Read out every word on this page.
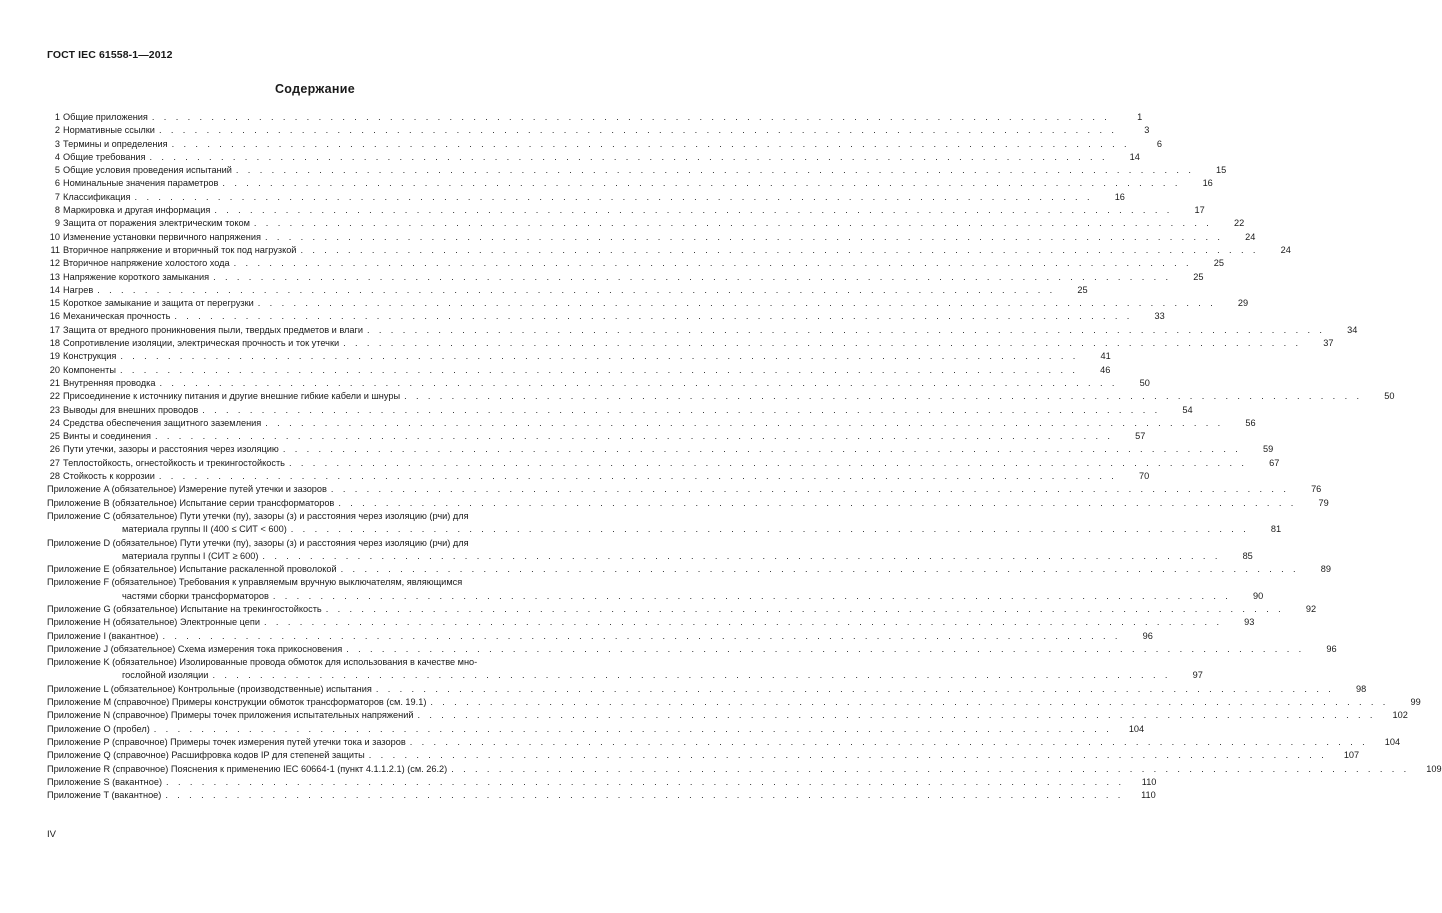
ГОСТ IEC 61558-1—2012
Содержание
1 Общие приложения . . .	1
2 Нормативные ссылки . . .	3
3 Термины и определения . . .	6
4 Общие требования . . .	14
5 Общие условия проведения испытаний . . .	15
6 Номинальные значения параметров . . .	16
7 Классификация . . .	16
8 Маркировка и другая информация . . .	17
9 Защита от поражения электрическим током . . .	22
10 Изменение установки первичного напряжения . . .	24
11 Вторичное напряжение и вторичный ток под нагрузкой . . .	24
12 Вторичное напряжение холостого хода . . .	25
13 Напряжение короткого замыкания . . .	25
14 Нагрев . . .	25
15 Короткое замыкание и защита от перегрузки . . .	29
16 Механическая прочность . . .	33
17 Защита от вредного проникновения пыли, твердых предметов и влаги . . .	34
18 Сопротивление изоляции, электрическая прочность и ток утечки . . .	37
19 Конструкция . . .	41
20 Компоненты . . .	46
21 Внутренняя проводка . . .	50
22 Присоединение к источнику питания и другие внешние гибкие кабели и шнуры . . .	50
23 Выводы для внешних проводов . . .	54
24 Средства обеспечения защитного заземления . . .	56
25 Винты и соединения . . .	57
26 Пути утечки, зазоры и расстояния через изоляцию . . .	59
27 Теплостойкость, огнестойкость и трекингостойкость . . .	67
28 Стойкость к коррозии . . .	70
Приложение A (обязательное) Измерение путей утечки и зазоров . . .	76
Приложение B (обязательное) Испытание серии трансформаторов . . .	79
Приложение C (обязательное) Пути утечки (пу), зазоры (з) и расстояния через изоляцию (рчи) для
материала группы II (400 ≤ СИТ < 600) . . .	81
Приложение D (обязательное) Пути утечки (пу), зазоры (з) и расстояния через изоляцию (рчи) для
материала группы I (СИТ ≥ 600) . . .	85
Приложение E (обязательное) Испытание раскаленной проволокой . . .	89
Приложение F (обязательное) Требования к управляемым вручную выключателям, являющимся
частями сборки трансформаторов . . .	90
Приложение G (обязательное) Испытание на трекингостойкость . . .	92
Приложение H (обязательное) Электронные цепи . . .	93
Приложение I (вакантное) . . .	96
Приложение J (обязательное) Схема измерения тока прикосновения . . .	96
Приложение K (обязательное) Изолированные провода обмоток для использования в качестве мно-
гослойной изоляции . . .	97
Приложение L (обязательное) Контрольные (производственные) испытания . . .	98
Приложение M (справочное) Примеры конструкции обмоток трансформаторов (см. 19.1) . . .	99
Приложение N (справочное) Примеры точек приложения испытательных напряжений . . .	102
Приложение O (пробел) . . .	104
Приложение P (справочное) Примеры точек измерения путей утечки тока и зазоров . . .	104
Приложение Q (справочное) Расшифровка кодов IP для степеней защиты . . .	107
Приложение R (справочное) Пояснения к применению IEC 60664-1 (пункт 4.1.1.2.1) (см. 26.2) . . .	109
Приложение S (вакантное) . . .	110
Приложение T (вакантное) . . .	110
IV
